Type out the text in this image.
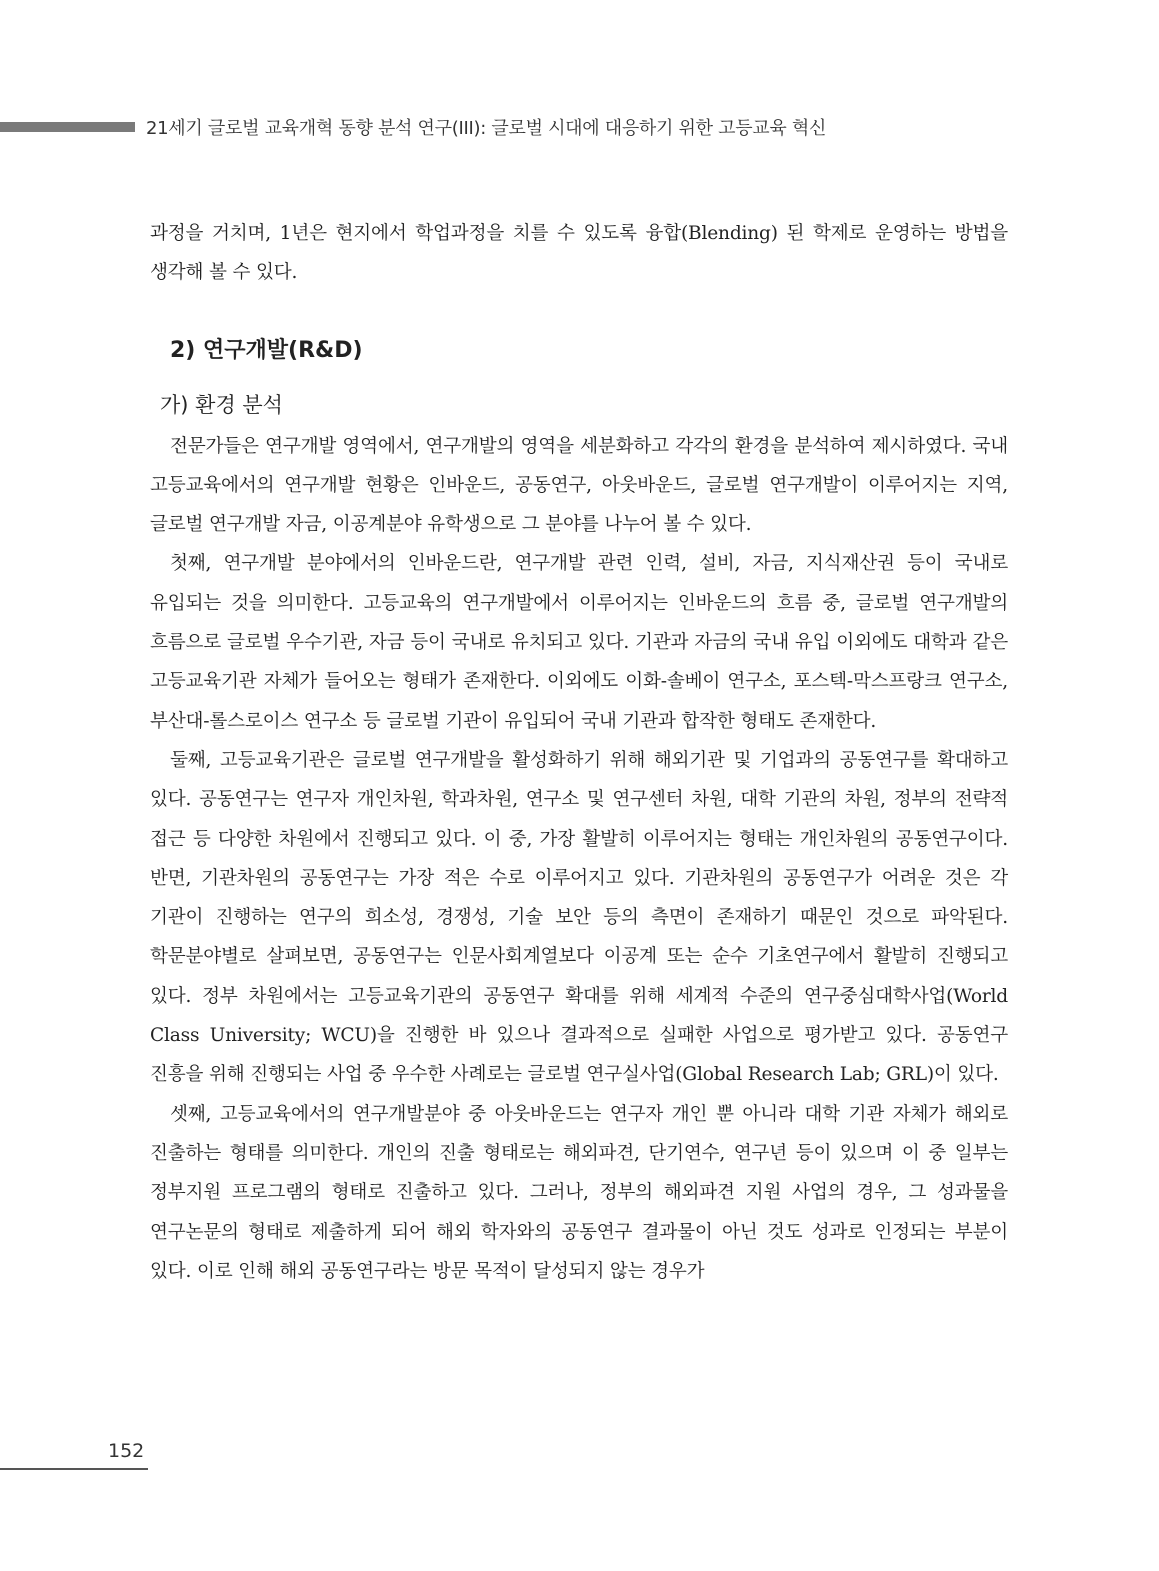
21세기 글로벌 교육개혁 동향 분석 연구(III): 글로벌 시대에 대응하기 위한 고등교육 혁신

과정을 거치며, 1년은 현지에서 학업과정을 치를 수 있도록 융합(Blending) 된 학제로 운영하는 방법을 생각해 볼 수 있다.

2) 연구개발(R&D)
가) 환경 분석

전문가들은 연구개발 영역에서, 연구개발의 영역을 세분화하고 각각의 환경을 분석하여 제시하였다. 국내 고등교육에서의 연구개발 현황은 인바운드, 공동연구, 아웃바운드, 글로벌 연구개발이 이루어지는 지역, 글로벌 연구개발 자금, 이공계분야 유학생으로 그 분야를 나누어 볼 수 있다.

첫째, 연구개발 분야에서의 인바운드란, 연구개발 관련 인력, 설비, 자금, 지식재산권 등이 국내로 유입되는 것을 의미한다. 고등교육의 연구개발에서 이루어지는 인바운드의 흐름 중, 글로벌 연구개발의 흐름으로 글로벌 우수기관, 자금 등이 국내로 유치되고 있다. 기관과 자금의 국내 유입 이외에도 대학과 같은 고등교육기관 자체가 들어오는 형태가 존재한다. 이외에도 이화-솔베이 연구소, 포스텍-막스프랑크 연구소, 부산대-롤스로이스 연구소 등 글로벌 기관이 유입되어 국내 기관과 합작한 형태도 존재한다.

둘째, 고등교육기관은 글로벌 연구개발을 활성화하기 위해 해외기관 및 기업과의 공동연구를 확대하고 있다. 공동연구는 연구자 개인차원, 학과차원, 연구소 및 연구센터 차원, 대학 기관의 차원, 정부의 전략적 접근 등 다양한 차원에서 진행되고 있다. 이 중, 가장 활발히 이루어지는 형태는 개인차원의 공동연구이다. 반면, 기관차원의 공동연구는 가장 적은 수로 이루어지고 있다. 기관차원의 공동연구가 어려운 것은 각 기관이 진행하는 연구의 희소성, 경쟁성, 기술 보안 등의 측면이 존재하기 때문인 것으로 파악된다. 학문분야별로 살펴보면, 공동연구는 인문사회계열보다 이공계 또는 순수 기초연구에서 활발히 진행되고 있다. 정부 차원에서는 고등교육기관의 공동연구 확대를 위해 세계적 수준의 연구중심대학사업(World Class University; WCU)을 진행한 바 있으나 결과적으로 실패한 사업으로 평가받고 있다. 공동연구 진흥을 위해 진행되는 사업 중 우수한 사례로는 글로벌 연구실사업(Global Research Lab; GRL)이 있다.

셋째, 고등교육에서의 연구개발분야 중 아웃바운드는 연구자 개인 뿐 아니라 대학 기관 자체가 해외로 진출하는 형태를 의미한다. 개인의 진출 형태로는 해외파견, 단기연수, 연구년 등이 있으며 이 중 일부는 정부지원 프로그램의 형태로 진출하고 있다. 그러나, 정부의 해외파견 지원 사업의 경우, 그 성과물을 연구논문의 형태로 제출하게 되어 해외 학자와의 공동연구 결과물이 아닌 것도 성과로 인정되는 부분이 있다. 이로 인해 해외 공동연구라는 방문 목적이 달성되지 않는 경우가

152
